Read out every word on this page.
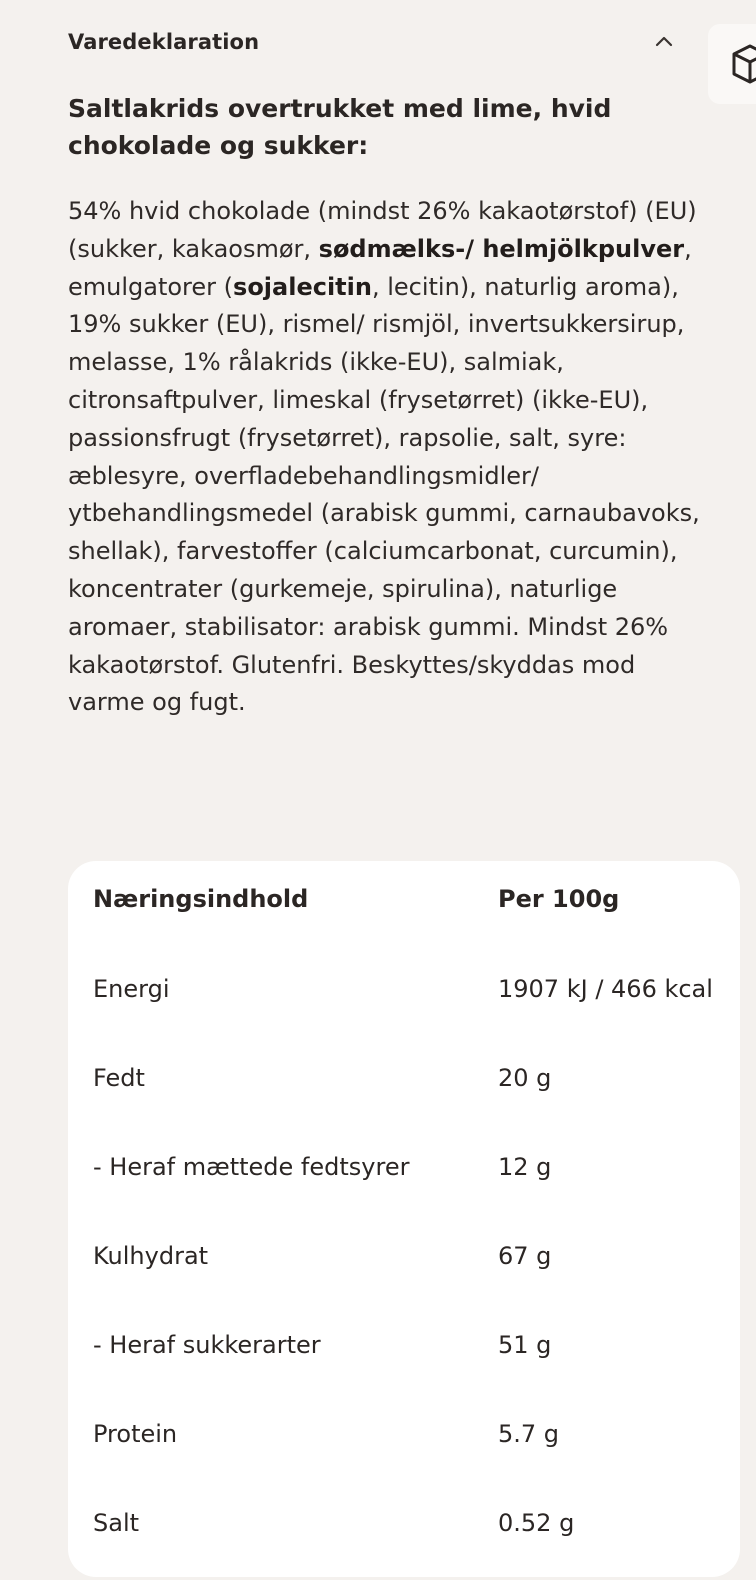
Varedeklaration
Saltlakrids overtrukket med lime, hvid chokolade og sukker:

54% hvid chokolade (mindst 26% kakaotørstof) (EU)(sukker, kakaosmør, sødmælks-/ helmjölkpulver, emulgatorer (sojalecitin, lecitin), naturlig aroma), 19% sukker (EU), rismel/ rismjöl, invertsukkersirup, melasse, 1% rålakrids (ikke-EU), salmiak, citronsaftpulver, limeskal (frysetørret) (ikke-EU), passionsfrugt (frysetørret), rapsolie, salt, syre: æblesyre, overfladebehandlingsmidler/ ytbehandlingsmedel (arabisk gummi, carnaubavoks, shellak), farvestoffer (calciumcarbonat, curcumin), koncentrater (gurkemeje, spirulina), naturlige aromaer, stabilisator: arabisk gummi. Mindst 26% kakaotørstof. Glutenfri. Beskyttes/skyddas mod varme og fugt.

Næringsindhold	Per 100g
Energi	1907 kJ / 466 kcal
Fedt	20 g
- Heraf mættede fedtsyrer	12 g
Kulhydrat	67 g
- Heraf sukkerarter	51 g
Protein	5.7 g
Salt	0.52 g
